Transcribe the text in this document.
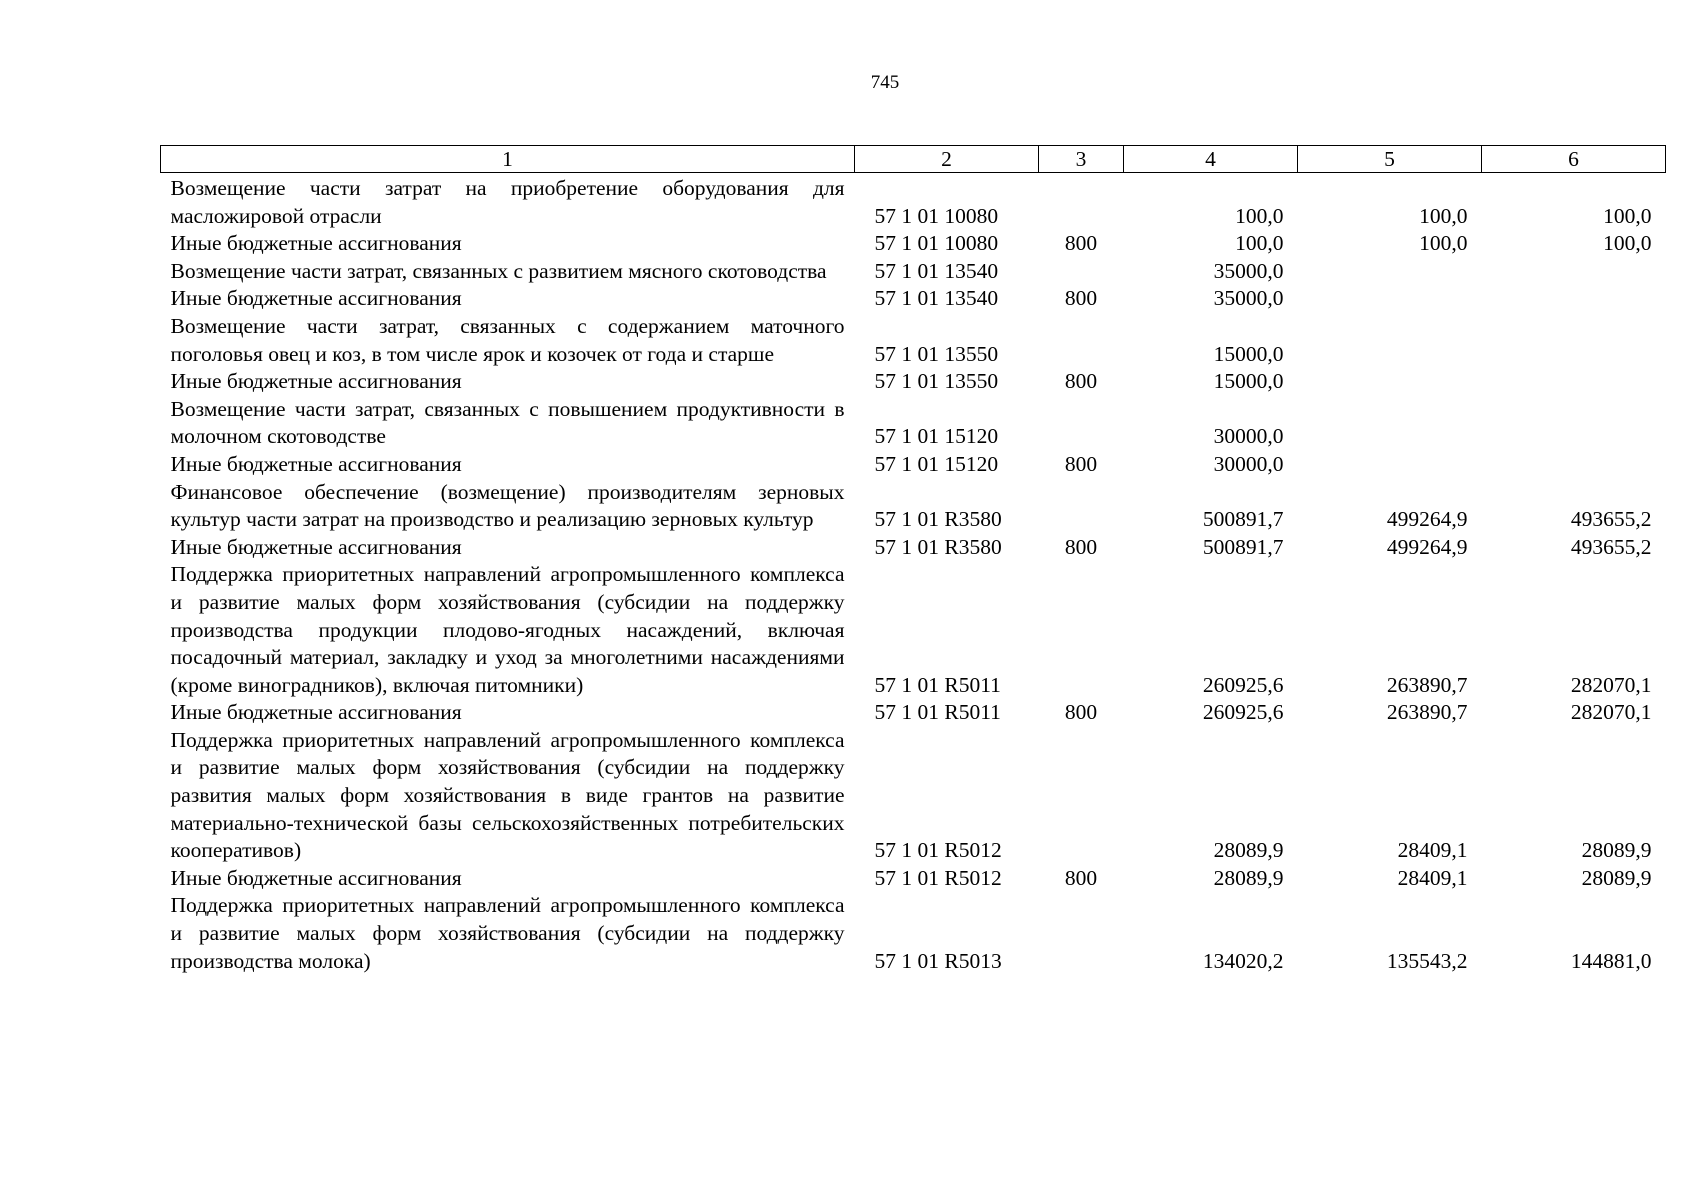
745
1	2	3	4	5	6
Возмещение части затрат на приобретение оборудования для масложировой отрасли	57 1 01 10080		100,0	100,0	100,0
Иные бюджетные ассигнования	57 1 01 10080	800	100,0	100,0	100,0
Возмещение части затрат, связанных с развитием мясного скотоводства	57 1 01 13540		35000,0		
Иные бюджетные ассигнования	57 1 01 13540	800	35000,0		
Возмещение части затрат, связанных с содержанием маточного поголовья овец и коз, в том числе ярок и козочек от года и старше	57 1 01 13550		15000,0		
Иные бюджетные ассигнования	57 1 01 13550	800	15000,0		
Возмещение части затрат, связанных с повышением продуктивности в молочном скотоводстве	57 1 01 15120		30000,0		
Иные бюджетные ассигнования	57 1 01 15120	800	30000,0		
Финансовое обеспечение (возмещение) производителям зерновых культур части затрат на производство и реализацию зерновых культур	57 1 01 R3580		500891,7	499264,9	493655,2
Иные бюджетные ассигнования	57 1 01 R3580	800	500891,7	499264,9	493655,2
Поддержка приоритетных направлений агропромышленного комплекса и развитие малых форм хозяйствования (субсидии на поддержку производства продукции плодово-ягодных насаждений, включая посадочный материал, закладку и уход за многолетними насаждениями (кроме виноградников), включая питомники)	57 1 01 R5011		260925,6	263890,7	282070,1
Иные бюджетные ассигнования	57 1 01 R5011	800	260925,6	263890,7	282070,1
Поддержка приоритетных направлений агропромышленного комплекса и развитие малых форм хозяйствования (субсидии на поддержку развития малых форм хозяйствования в виде грантов на развитие материально-технической базы сельскохозяйственных потребительских кооперативов)	57 1 01 R5012		28089,9	28409,1	28089,9
Иные бюджетные ассигнования	57 1 01 R5012	800	28089,9	28409,1	28089,9
Поддержка приоритетных направлений агропромышленного комплекса и развитие малых форм хозяйствования (субсидии на поддержку производства молока)	57 1 01 R5013		134020,2	135543,2	144881,0
